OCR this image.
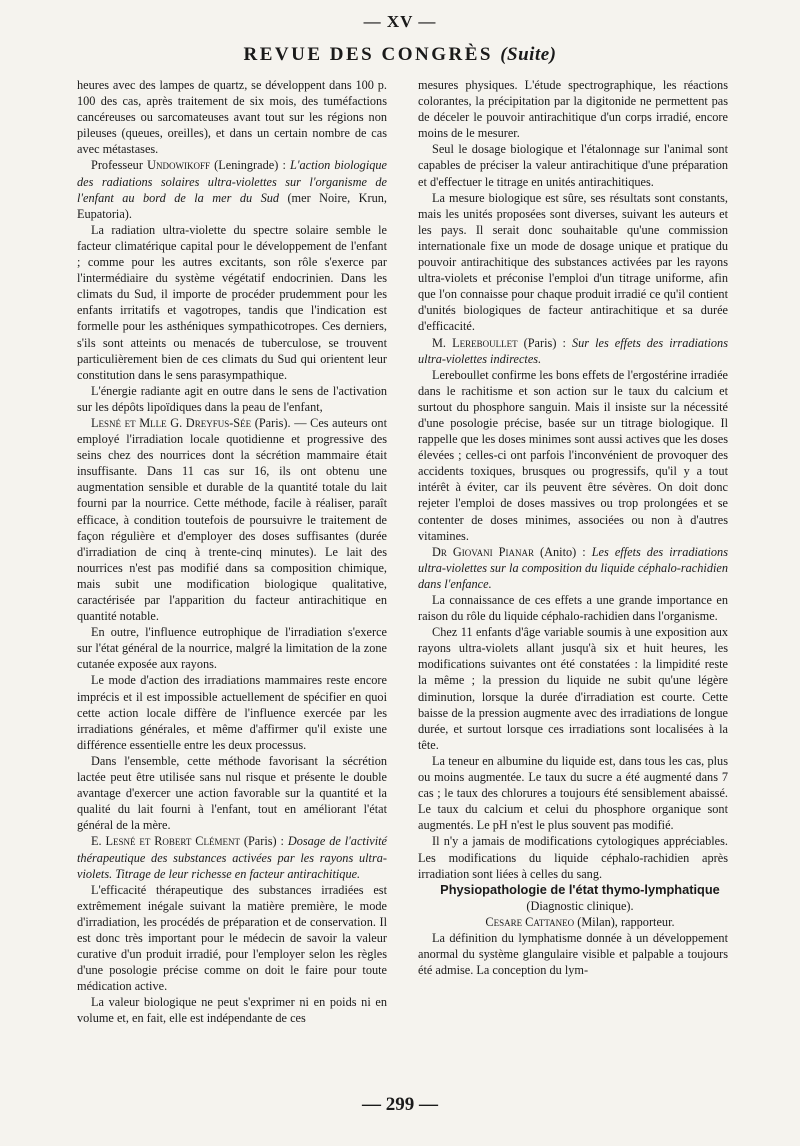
— XV —
REVUE DES CONGRÈS (Suite)

heures avec des lampes de quartz, se développent dans 100 p. 100 des cas, après traitement de six mois, des tuméfactions cancéreuses ou sarcomateuses avant tout sur les régions non pileuses (queues, oreilles), et dans un certain nombre de cas avec métastases.

Professeur Undowikoff (Leningrade) : L'action biologique des radiations solaires ultra-violettes sur l'organisme de l'enfant au bord de la mer du Sud (mer Noire, Krun, Eupatoria).

La radiation ultra-violette du spectre solaire semble le facteur climatérique capital pour le développement de l'enfant ; comme pour les autres excitants, son rôle s'exerce par l'intermédiaire du système végétatif endocrinien. Dans les climats du Sud, il importe de procéder prudemment pour les enfants irritatifs et vagotropes, tandis que l'indication est formelle pour les asthéniques sympathicotropes. Ces derniers, s'ils sont atteints ou menacés de tuberculose, se trouvent particulièrement bien de ces climats du Sud qui orientent leur constitution dans le sens parasympathique.

L'énergie radiante agit en outre dans le sens de l'activation sur les dépôts lipoïdiques dans la peau de l'enfant,

Lesné et Mlle G. Dreyfus-Sée (Paris). — Ces auteurs ont employé l'irradiation locale quotidienne et progressive des seins chez des nourrices dont la sécrétion mammaire était insuffisante. Dans 11 cas sur 16, ils ont obtenu une augmentation sensible et durable de la quantité totale du lait fourni par la nourrice. Cette méthode, facile à réaliser, paraît efficace, à condition toutefois de poursuivre le traitement de façon régulière et d'employer des doses suffisantes (durée d'irradiation de cinq à trente-cinq minutes). Le lait des nourrices n'est pas modifié dans sa composition chimique, mais subit une modification biologique qualitative, caractérisée par l'apparition du facteur antirachitique en quantité notable.

En outre, l'influence eutrophique de l'irradiation s'exerce sur l'état général de la nourrice, malgré la limitation de la zone cutanée exposée aux rayons.

Le mode d'action des irradiations mammaires reste encore imprécis et il est impossible actuellement de spécifier en quoi cette action locale diffère de l'influence exercée par les irradiations générales, et même d'affirmer qu'il existe une différence essentielle entre les deux processus.

Dans l'ensemble, cette méthode favorisant la sécrétion lactée peut être utilisée sans nul risque et présente le double avantage d'exercer une action favorable sur la quantité et la qualité du lait fourni à l'enfant, tout en améliorant l'état général de la mère.

E. Lesné et Robert Clément (Paris) : Dosage de l'activité thérapeutique des substances activées par les rayons ultra-violets. Titrage de leur richesse en facteur antirachitique.

L'efficacité thérapeutique des substances irradiées est extrêmement inégale suivant la matière première, le mode d'irradiation, les procédés de préparation et de conservation. Il est donc très important pour le médecin de savoir la valeur curative d'un produit irradié, pour l'employer selon les règles d'une posologie précise comme on doit le faire pour toute médication active.

La valeur biologique ne peut s'exprimer ni en poids ni en volume et, en fait, elle est indépendante de ces

mesures physiques. L'étude spectrographique, les réactions colorantes, la précipitation par la digitonide ne permettent pas de déceler le pouvoir antirachitique d'un corps irradié, encore moins de le mesurer.

Seul le dosage biologique et l'étalonnage sur l'animal sont capables de préciser la valeur antirachitique d'une préparation et d'effectuer le titrage en unités antirachitiques.

La mesure biologique est sûre, ses résultats sont constants, mais les unités proposées sont diverses, suivant les auteurs et les pays. Il serait donc souhaitable qu'une commission internationale fixe un mode de dosage unique et pratique du pouvoir antirachitique des substances activées par les rayons ultra-violets et préconise l'emploi d'un titrage uniforme, afin que l'on connaisse pour chaque produit irradié ce qu'il contient d'unités biologiques de facteur antirachitique et sa durée d'efficacité.

M. Lereboullet (Paris) : Sur les effets des irradiations ultra-violettes indirectes.

Lereboullet confirme les bons effets de l'ergostérine irradiée dans le rachitisme et son action sur le taux du calcium et surtout du phosphore sanguin. Mais il insiste sur la nécessité d'une posologie précise, basée sur un titrage biologique. Il rappelle que les doses minimes sont aussi actives que les doses élevées ; celles-ci ont parfois l'inconvénient de provoquer des accidents toxiques, brusques ou progressifs, qu'il y a tout intérêt à éviter, car ils peuvent être sévères. On doit donc rejeter l'emploi de doses massives ou trop prolongées et se contenter de doses minimes, associées ou non à d'autres vitamines.

Dr Giovani Pianar (Anito) : Les effets des irradiations ultra-violettes sur la composition du liquide céphalo-rachidien dans l'enfance.

La connaissance de ces effets a une grande importance en raison du rôle du liquide céphalo-rachidien dans l'organisme.

Chez 11 enfants d'âge variable soumis à une exposition aux rayons ultra-violets allant jusqu'à six et huit heures, les modifications suivantes ont été constatées : la limpidité reste la même ; la pression du liquide ne subit qu'une légère diminution, lorsque la durée d'irradiation est courte. Cette baisse de la pression augmente avec des irradiations de longue durée, et surtout lorsque ces irradiations sont localisées à la tête.

La teneur en albumine du liquide est, dans tous les cas, plus ou moins augmentée. Le taux du sucre a été augmenté dans 7 cas ; le taux des chlorures a toujours été sensiblement abaissé. Le taux du calcium et celui du phosphore organique sont augmentés. Le pH n'est le plus souvent pas modifié.

Il n'y a jamais de modifications cytologiques appréciables. Les modifications du liquide céphalo-rachidien après irradiation sont liées à celles du sang.

Physiopathologie de l'état thymo-lymphatique

(Diagnostic clinique).

Cesare Cattaneo (Milan), rapporteur.

La définition du lymphatisme donnée à un développement anormal du système glangulaire visible et palpable a toujours été admise. La conception du lym-

— 299 —
